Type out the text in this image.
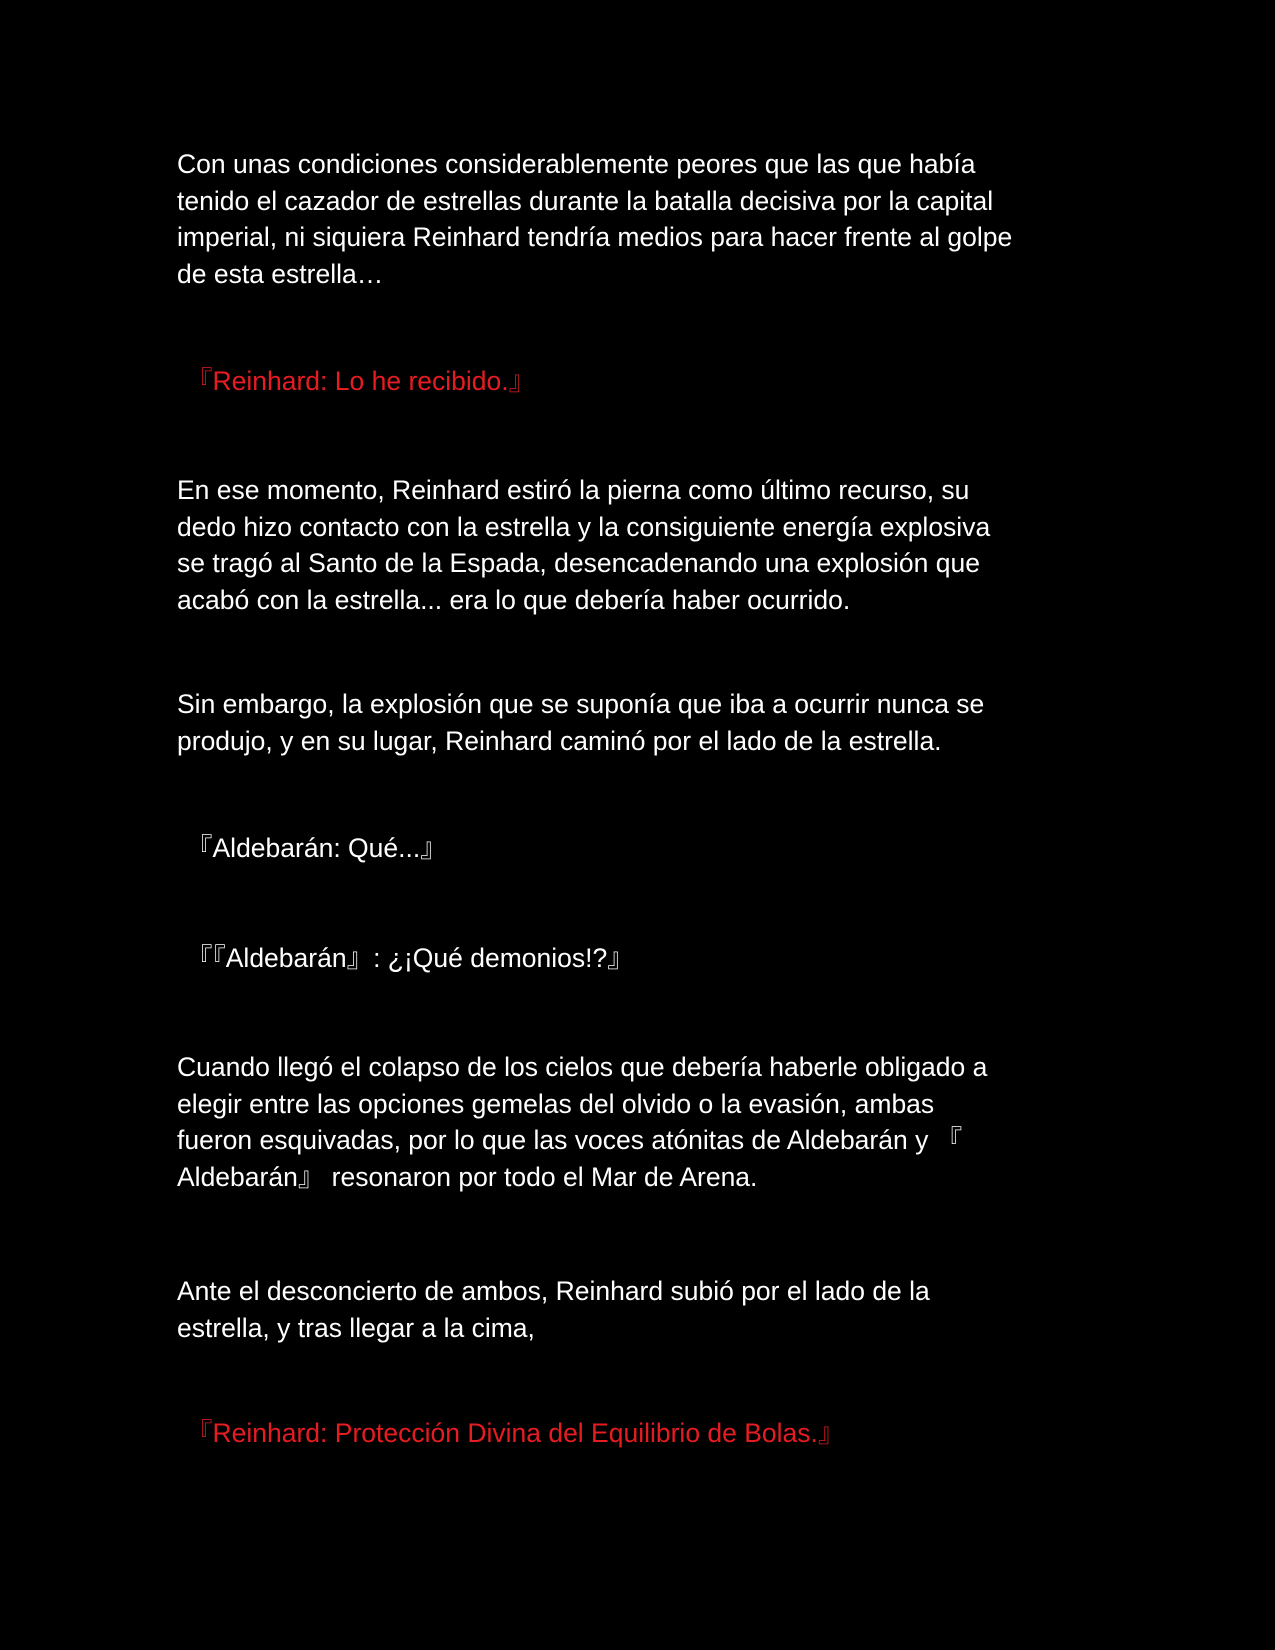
Con unas condiciones considerablemente peores que las que había
tenido el cazador de estrellas durante la batalla decisiva por la capital
imperial, ni siquiera Reinhard tendría medios para hacer frente al golpe
de esta estrella…

『Reinhard: Lo he recibido.』

En ese momento, Reinhard estiró la pierna como último recurso, su
dedo hizo contacto con la estrella y la consiguiente energía explosiva
se tragó al Santo de la Espada, desencadenando una explosión que
acabó con la estrella... era lo que debería haber ocurrido.

Sin embargo, la explosión que se suponía que iba a ocurrir nunca se
produjo, y en su lugar, Reinhard caminó por el lado de la estrella.

『Aldebarán: Qué...』

『『Aldebarán』: ¿¡Qué demonios!?』

Cuando llegó el colapso de los cielos que debería haberle obligado a
elegir entre las opciones gemelas del olvido o la evasión, ambas
fueron esquivadas, por lo que las voces atónitas de Aldebarán y 『
Aldebarán』 resonaron por todo el Mar de Arena.

Ante el desconcierto de ambos, Reinhard subió por el lado de la
estrella, y tras llegar a la cima,

『Reinhard: Protección Divina del Equilibrio de Bolas.』
